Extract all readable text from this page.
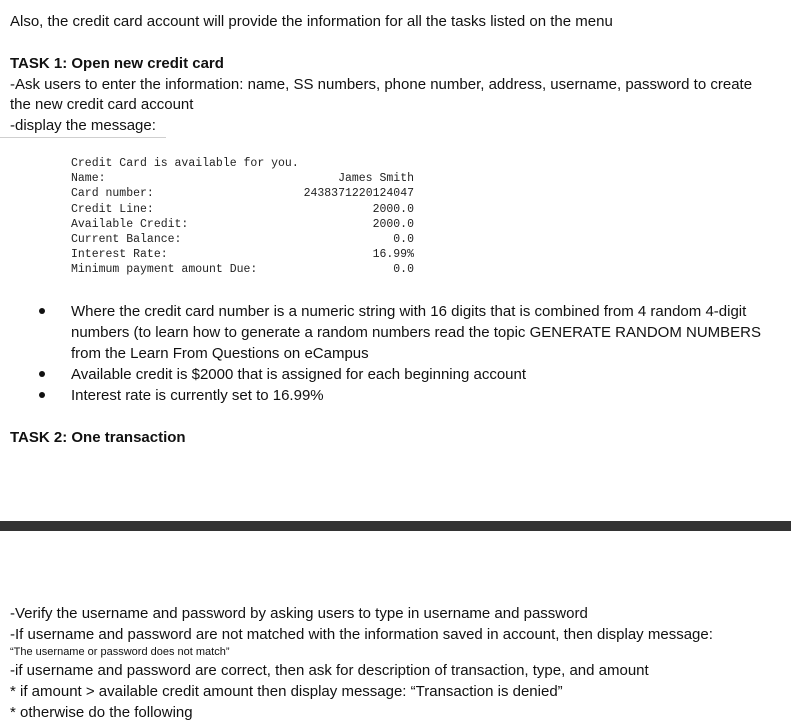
Also, the credit card account will provide the information for all the tasks listed on the menu
TASK 1: Open new credit card
-Ask users to enter the information: name, SS numbers, phone number, address, username, password to create
the new credit card account
-display the message:
Credit Card is available for you.
Name:	James Smith
Card number:	2438371220124047
Credit Line:	2000.0
Available Credit:	2000.0
Current Balance:	0.0
Interest Rate:	16.99%
Minimum payment amount Due:	0.0
Where the credit card number is a numeric string with 16 digits that is combined from 4 random 4-digit
numbers (to learn how to generate a random numbers read the topic GENERATE RANDOM NUMBERS
from the Learn From Questions on eCampus
Available credit is $2000 that is assigned for each beginning account
Interest rate is currently set to 16.99%
TASK 2: One transaction
-Verify the username and password by asking users to type in username and password
-If username and password are not matched with the information saved in account, then display message:
“The username or password does not match”
-if username and password are correct, then ask for description of transaction, type, and amount
* if amount > available credit amount then display message: “Transaction is denied”
* otherwise do the following
